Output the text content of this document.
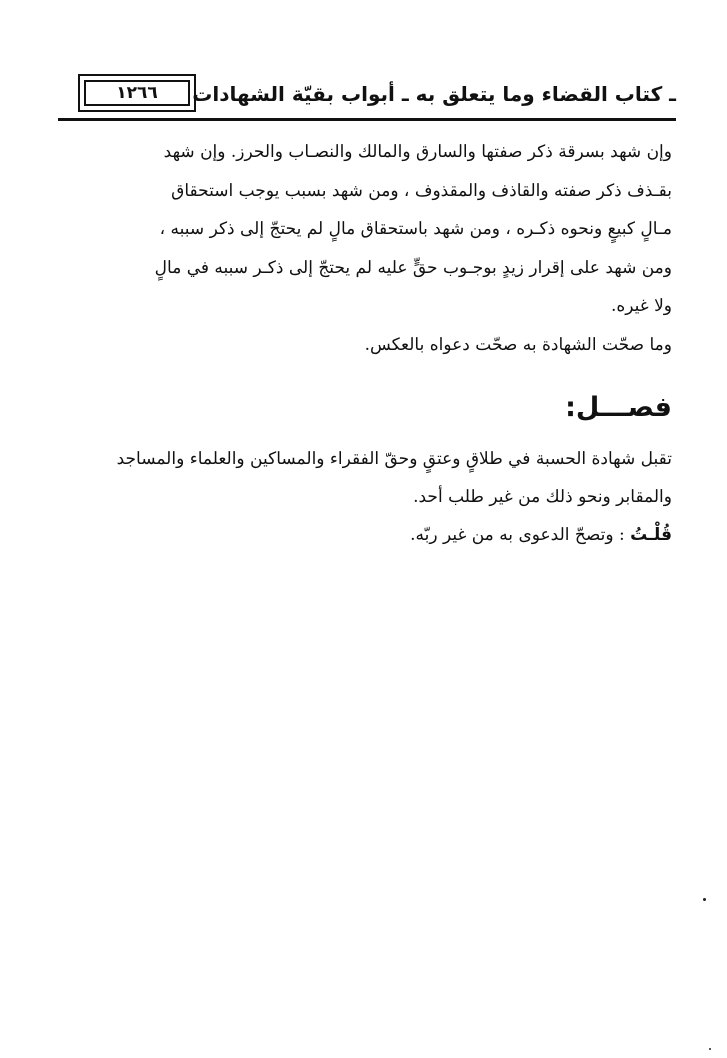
١٢٦٦	ـ كتاب القضاء وما يتعلق به ـ أبواب بقيّة الشهادات

وإن شهد بسرقة ذكر صفتها والسارق والمالك والنصـاب والحرز. وإن شهد

بقـذف ذكر صفته والقاذف والمقذوف ، ومن شهد بسبب يوجب استحقاق

مـالٍ كبيعٍ ونحوه ذكـره ، ومن شهد باستحقاق مالٍ لم يحتجّ إلى ذكر سببه ،

ومن شهد على إقرار زيدٍ بوجـوب حقٍّ عليه لم يحتجّ إلى ذكـر سببه في مالٍ

ولا غيره.

وما صحّت الشهادة به صحّت دعواه بالعكس.

فصـــل:

تقبل شهادة الحسبة في طلاقٍ وعتقٍ وحقّ الفقراء والمساكين والعلماء والمساجد

والمقابر ونحو ذلك من غير طلب أحد.

قُلْـتُ : وتصحّ الدعوى به من غير ربّه.
